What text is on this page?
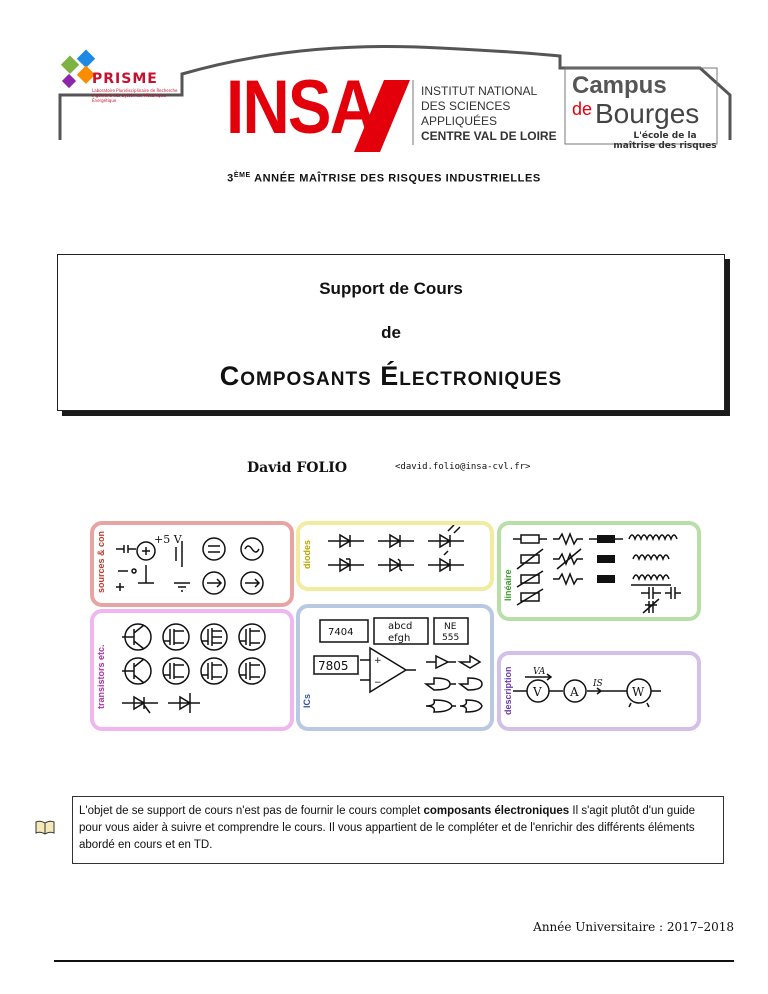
PRISME
Laboratoire Pluridisciplinaire de Recherche Ingénierie des Systèmes, Mécanique, Énergétique	INSA	INSTITUT NATIONAL
DES SCIENCES
APPLIQUÉES
CENTRE VAL DE LOIRE
Campus
de Bourges
L'école de la
maîtrise des risques
3ÈME ANNÉE MAÎTRISE DES RISQUES INDUSTRIELLES
Support de Cours
de
Composants Électroniques
David FOLIO	<david.folio@insa-cvl.fr>
sources & con	+5 V
diodes
linéaire
transistors etc.	ICs
7404
abcd
efgh
NE
555
7805	+
−	description VA
IS
V A	W
L'objet de se support de cours n'est pas de fournir le cours complet composants électroniques Il s'agit plutôt d'un guide pour vous aider à suivre et comprendre le cours. Il vous appartient de le compléter et de l'enrichir des différents éléments abordé en cours et en TD.
Année Universitaire : 2017–2018
